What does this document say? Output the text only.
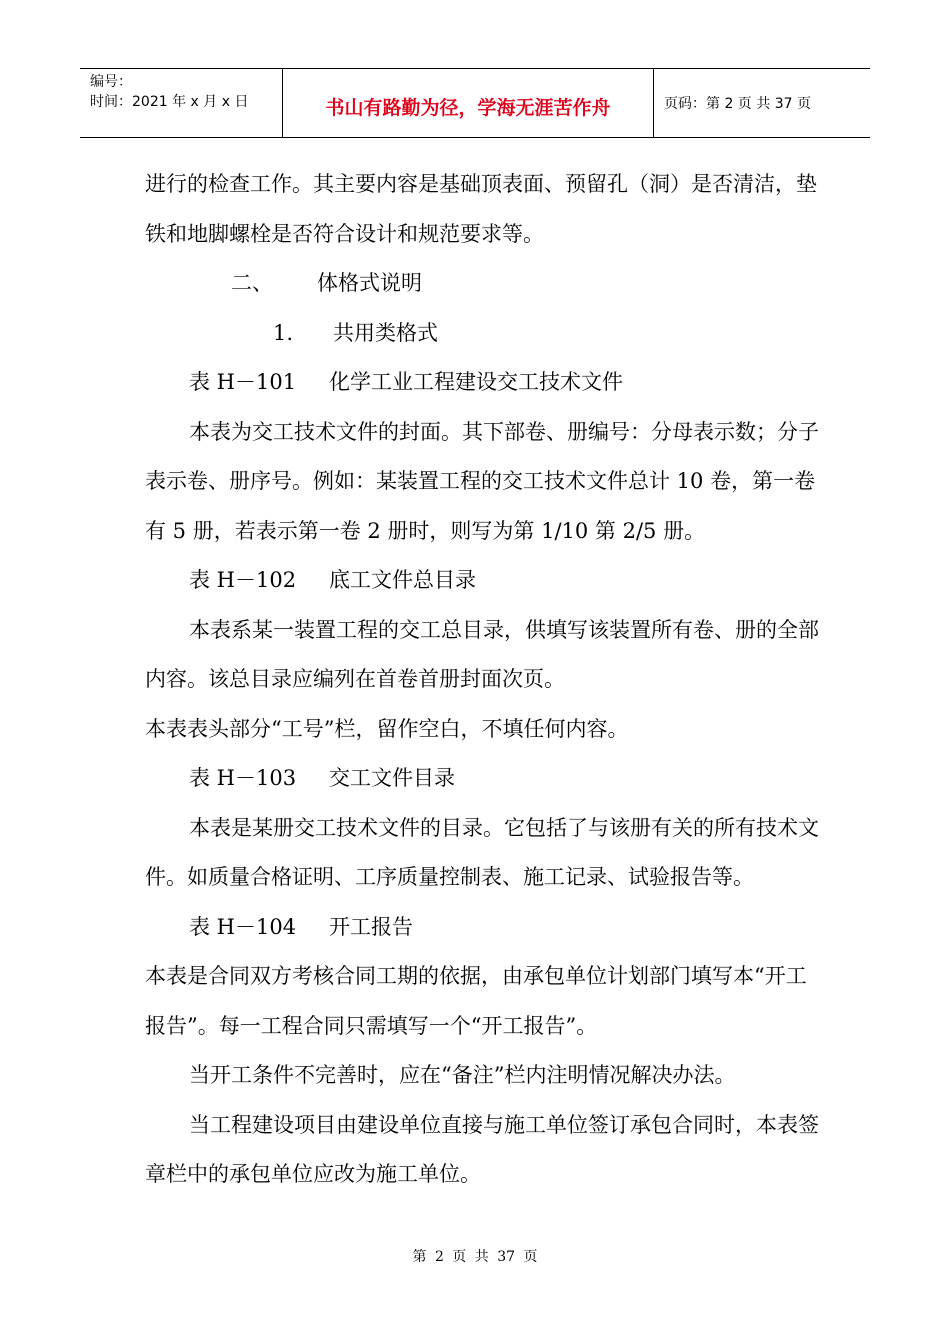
编号：
时间：2021 年 x 月 x 日	书山有路勤为径，学海无涯苦作舟	页码：第 2 页 共 37 页

进行的检查工作。其主要内容是基础顶表面、预留孔（洞）是否清洁，垫

铁和地脚螺栓是否符合设计和规范要求等。

二、 体格式说明

1. 共用类格式

表 H－101 化学工业工程建设交工技术文件

本表为交工技术文件的封面。其下部卷、册编号：分母表示数；分子

表示卷、册序号。例如：某装置工程的交工技术文件总计 10 卷，第一卷

有 5 册，若表示第一卷 2 册时，则写为第 1/10 第 2/5 册。

表 H－102 底工文件总目录

本表系某一装置工程的交工总目录，供填写该装置所有卷、册的全部

内容。该总目录应编列在首卷首册封面次页。

本表表头部分“工号”栏，留作空白，不填任何内容。

表 H－103 交工文件目录

本表是某册交工技术文件的目录。它包括了与该册有关的所有技术文

件。如质量合格证明、工序质量控制表、施工记录、试验报告等。

表 H－104 开工报告

本表是合同双方考核合同工期的依据，由承包单位计划部门填写本“开工

报告”。每一工程合同只需填写一个“开工报告”。

当开工条件不完善时，应在“备注”栏内注明情况解决办法。

当工程建设项目由建设单位直接与施工单位签订承包合同时，本表签

章栏中的承包单位应改为施工单位。

第 2 页 共 37 页
